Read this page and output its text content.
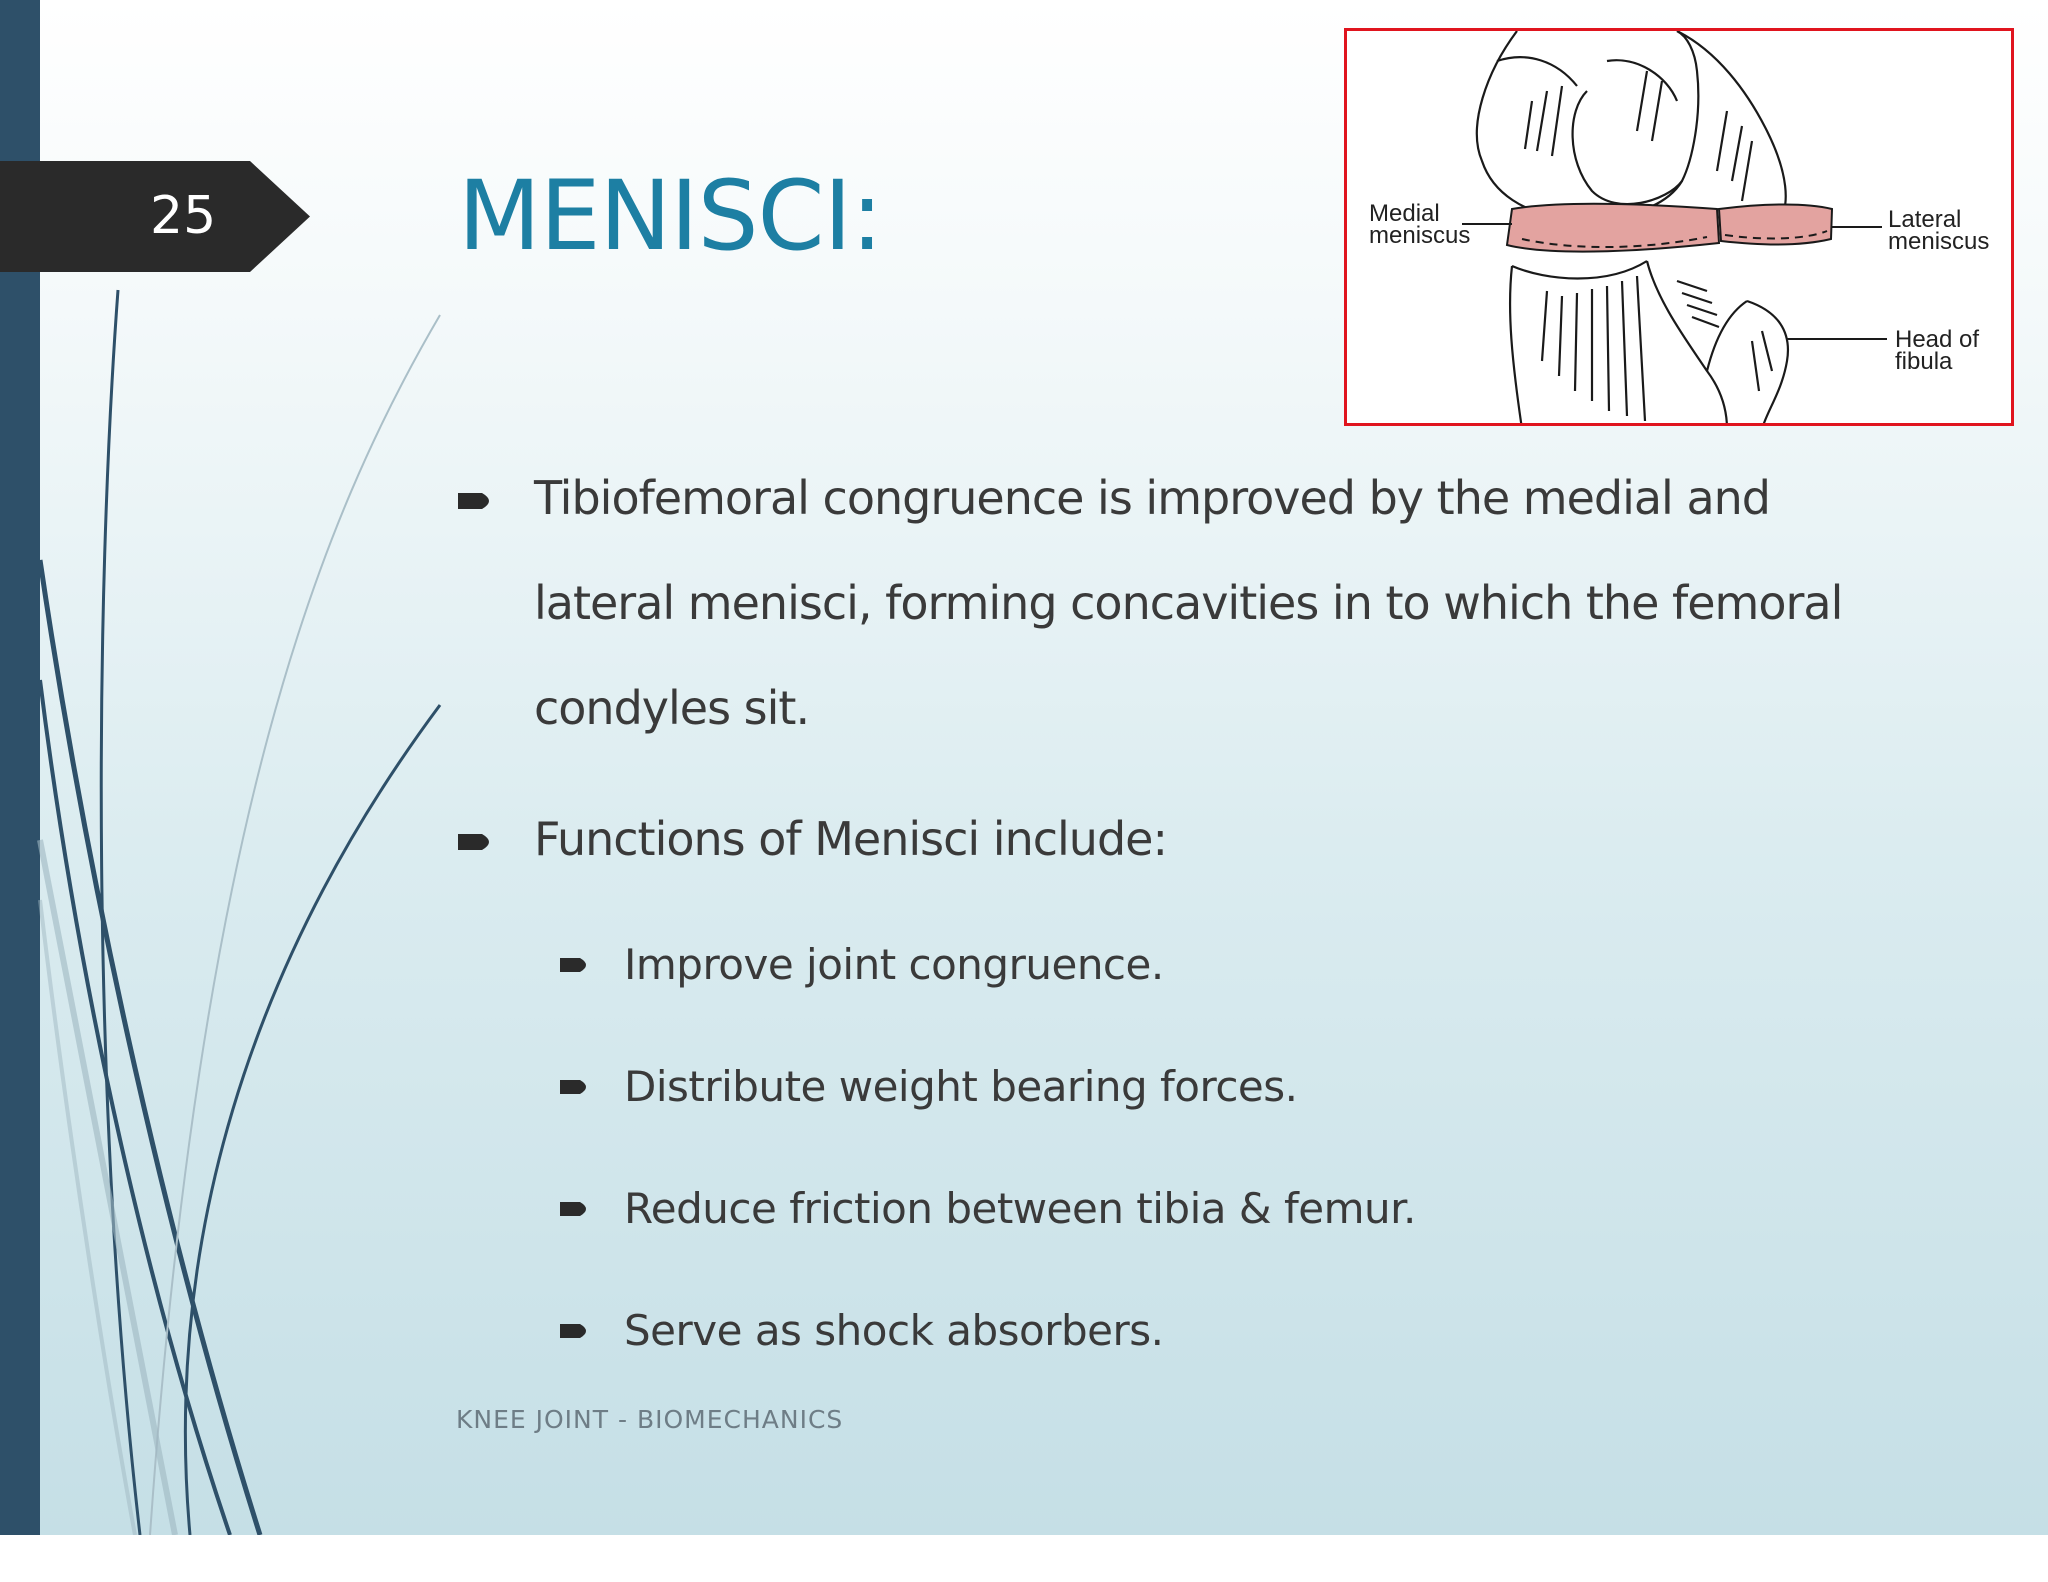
25	MENISCI:	Medial
meniscus
Lateral
meniscus
Head of
fibula
Tibiofemoral congruence is improved by the medial and lateral menisci, forming concavities in to which the femoral condyles sit.
Functions of Menisci include:
Improve joint congruence.
Distribute weight bearing forces.
Reduce friction between tibia & femur.
Serve as shock absorbers.
KNEE JOINT - BIOMECHANICS
